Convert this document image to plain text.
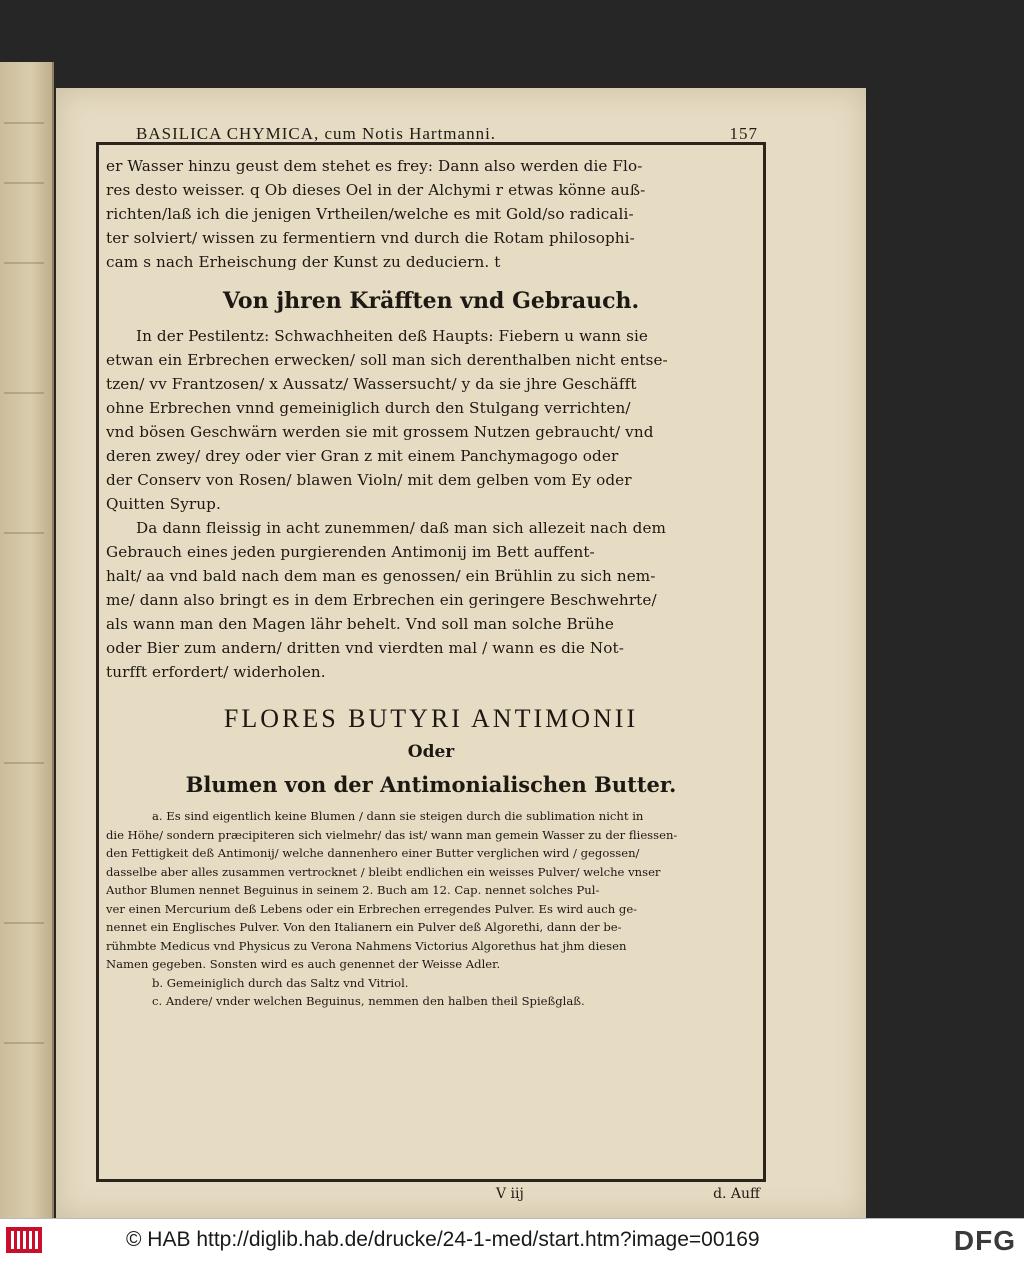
BASILICA CHYMICA, cum Notis Hartmanni.	157
er Wasser hinzu geust dem stehet es frey: Dann also werden die Flo-
res desto weisser. q Ob dieses Oel in der Alchymi r etwas könne auß-
richten/laß ich die jenigen Vrtheilen/welche es mit Gold/so radicali-
ter solviert/ wissen zu fermentiern vnd durch die Rotam philosophi-
cam s nach Erheischung der Kunst zu deduciern. t
Von jhren Kräfften vnd Gebrauch.
In der Pestilentz: Schwachheiten deß Haupts: Fiebern u wann sie
etwan ein Erbrechen erwecken/ soll man sich derenthalben nicht entse-
tzen/ vv Frantzosen/ x Aussatz/ Wassersucht/ y da sie jhre Geschäfft
ohne Erbrechen vnnd gemeiniglich durch den Stulgang verrichten/
vnd bösen Geschwärn werden sie mit grossem Nutzen gebraucht/ vnd
deren zwey/ drey oder vier Gran z mit einem Panchymagogo oder
der Conserv von Rosen/ blawen Violn/ mit dem gelben vom Ey oder
Quitten Syrup.
Da dann fleissig in acht zunemmen/ daß man sich allezeit nach dem
Gebrauch eines jeden purgierenden Antimonij im Bett auffent-
halt/ aa vnd bald nach dem man es genossen/ ein Brühlin zu sich nem-
me/ dann also bringt es in dem Erbrechen ein geringere Beschwehrte/
als wann man den Magen lähr behelt. Vnd soll man solche Brühe
oder Bier zum andern/ dritten vnd vierdten mal / wann es die Not-
turfft erfordert/ widerholen.
FLORES BUTYRI ANTIMONII
Oder
Blumen von der Antimonialischen Butter.
a. Es sind eigentlich keine Blumen / dann sie steigen durch die sublimation nicht in
die Höhe/ sondern præcipiteren sich vielmehr/ das ist/ wann man gemein Wasser zu der fliessen-
den Fettigkeit deß Antimonij/ welche dannenhero einer Butter verglichen wird / gegossen/
dasselbe aber alles zusammen vertrocknet / bleibt endlichen ein weisses Pulver/ welche vnser
Author Blumen nennet Beguinus in seinem 2. Buch am 12. Cap. nennet solches Pul-
ver einen Mercurium deß Lebens oder ein Erbrechen erregendes Pulver. Es wird auch ge-
nennet ein Englisches Pulver. Von den Italianern ein Pulver deß Algorethi, dann der be-
rühmbte Medicus vnd Physicus zu Verona Nahmens Victorius Algorethus hat jhm diesen
Namen gegeben. Sonsten wird es auch genennet der Weisse Adler.
b. Gemeiniglich durch das Saltz vnd Vitriol.
c. Andere/ vnder welchen Beguinus, nemmen den halben theil Spießglaß.
V iij	d. Auff
© HAB http://diglib.hab.de/drucke/24-1-med/start.htm?image=00169	DFG
